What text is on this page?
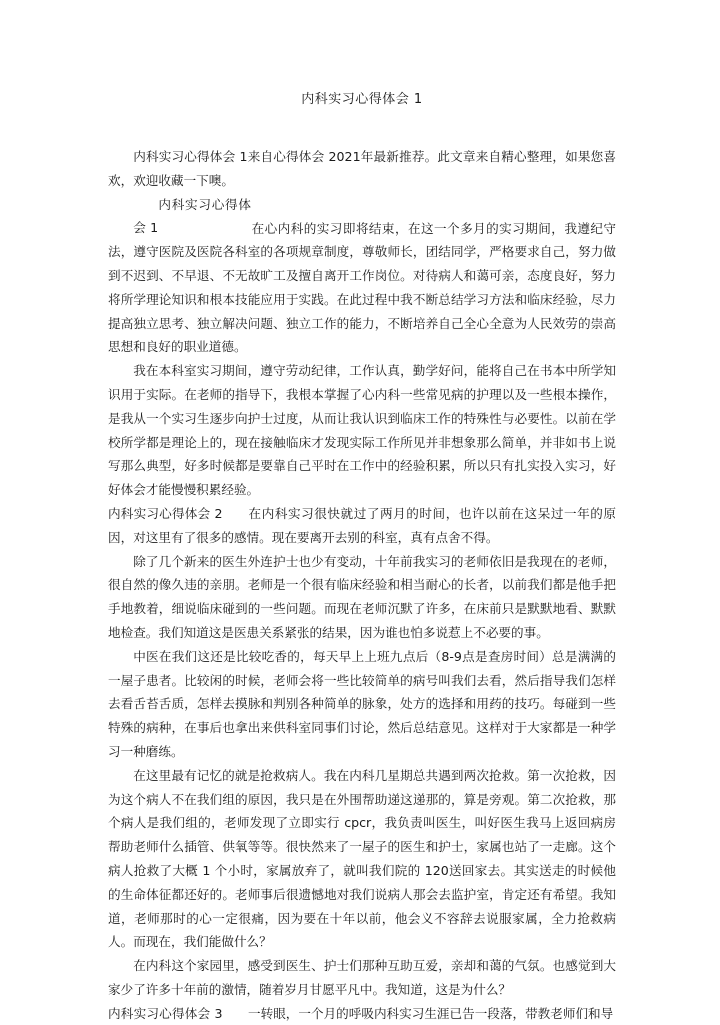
内科实习心得体会 1

内科实习心得体会 1来自心得体会 2021年最新推荐。此文章来自精心整理，如果您喜欢，欢迎收藏一下噢。

内科实习心得体会 1	在心内科的实习即将结束，在这一个多月的实习期间，我遵纪守法，遵守医院及医院各科室的各项规章制度，尊敬师长，团结同学，严格要求自己，努力做到不迟到、不早退、不无故旷工及擅自离开工作岗位。对待病人和蔼可亲，态度良好，努力将所学理论知识和根本技能应用于实践。在此过程中我不断总结学习方法和临床经验，尽力提高独立思考、独立解决问题、独立工作的能力，不断培养自己全心全意为人民效劳的崇高思想和良好的职业道德。

我在本科室实习期间，遵守劳动纪律，工作认真，勤学好问，能将自己在书本中所学知识用于实际。在老师的指导下，我根本掌握了心内科一些常见病的护理以及一些根本操作，是我从一个实习生逐步向护士过度，从而让我认识到临床工作的特殊性与必要性。以前在学校所学都是理论上的，现在接触临床才发现实际工作所见并非想象那么简单，并非如书上说写那么典型，好多时候都是要靠自己平时在工作中的经验积累，所以只有扎实投入实习，好好体会才能慢慢积累经验。

内科实习心得体会 2 在内科实习很快就过了两月的时间，也许以前在这呆过一年的原因，对这里有了很多的感情。现在要离开去别的科室，真有点舍不得。

除了几个新来的医生外连护士也少有变动，十年前我实习的老师依旧是我现在的老师，很自然的像久违的亲朋。老师是一个很有临床经验和相当耐心的长者，以前我们都是他手把手地教着，细说临床碰到的一些问题。而现在老师沉默了许多，在床前只是默默地看、默默地检查。我们知道这是医患关系紧张的结果，因为谁也怕多说惹上不必要的事。

中医在我们这还是比较吃香的，每天早上上班九点后（8-9点是查房时间）总是满满的一屋子患者。比较闲的时候，老师会将一些比较简单的病号叫我们去看，然后指导我们怎样去看舌苔舌质，怎样去摸脉和判别各种简单的脉象，处方的选择和用药的技巧。每碰到一些特殊的病种，在事后也拿出来供科室同事们讨论，然后总结意见。这样对于大家都是一种学习一种磨练。

在这里最有记忆的就是抢救病人。我在内科几星期总共遇到两次抢救。第一次抢救，因为这个病人不在我们组的原因，我只是在外围帮助递这递那的，算是旁观。第二次抢救，那个病人是我们组的，老师发现了立即实行 cpcr，我负责叫医生，叫好医生我马上返回病房帮助老师什么插管、供氧等等。很快然来了一屋子的医生和护士，家属也站了一走廊。这个病人抢救了大概 1 个小时，家属放弃了，就叫我们院的 120送回家去。其实送走的时候他的生命体征都还好的。老师事后很遗憾地对我们说病人那会去监护室，肯定还有希望。我知道，老师那时的心一定很痛，因为要在十年以前，他会义不容辞去说服家属，全力抢救病人。而现在，我们能做什么？

在内科这个家园里，感受到医生、护士们那种互助互爱，亲却和蔼的气氛。也感觉到大家少了许多十年前的激情，随着岁月甘愿平凡中。我知道，这是为什么？

内科实习心得体会 3 一转眼，一个月的呼吸内科实习生涯已告一段落，带教老师们和导
